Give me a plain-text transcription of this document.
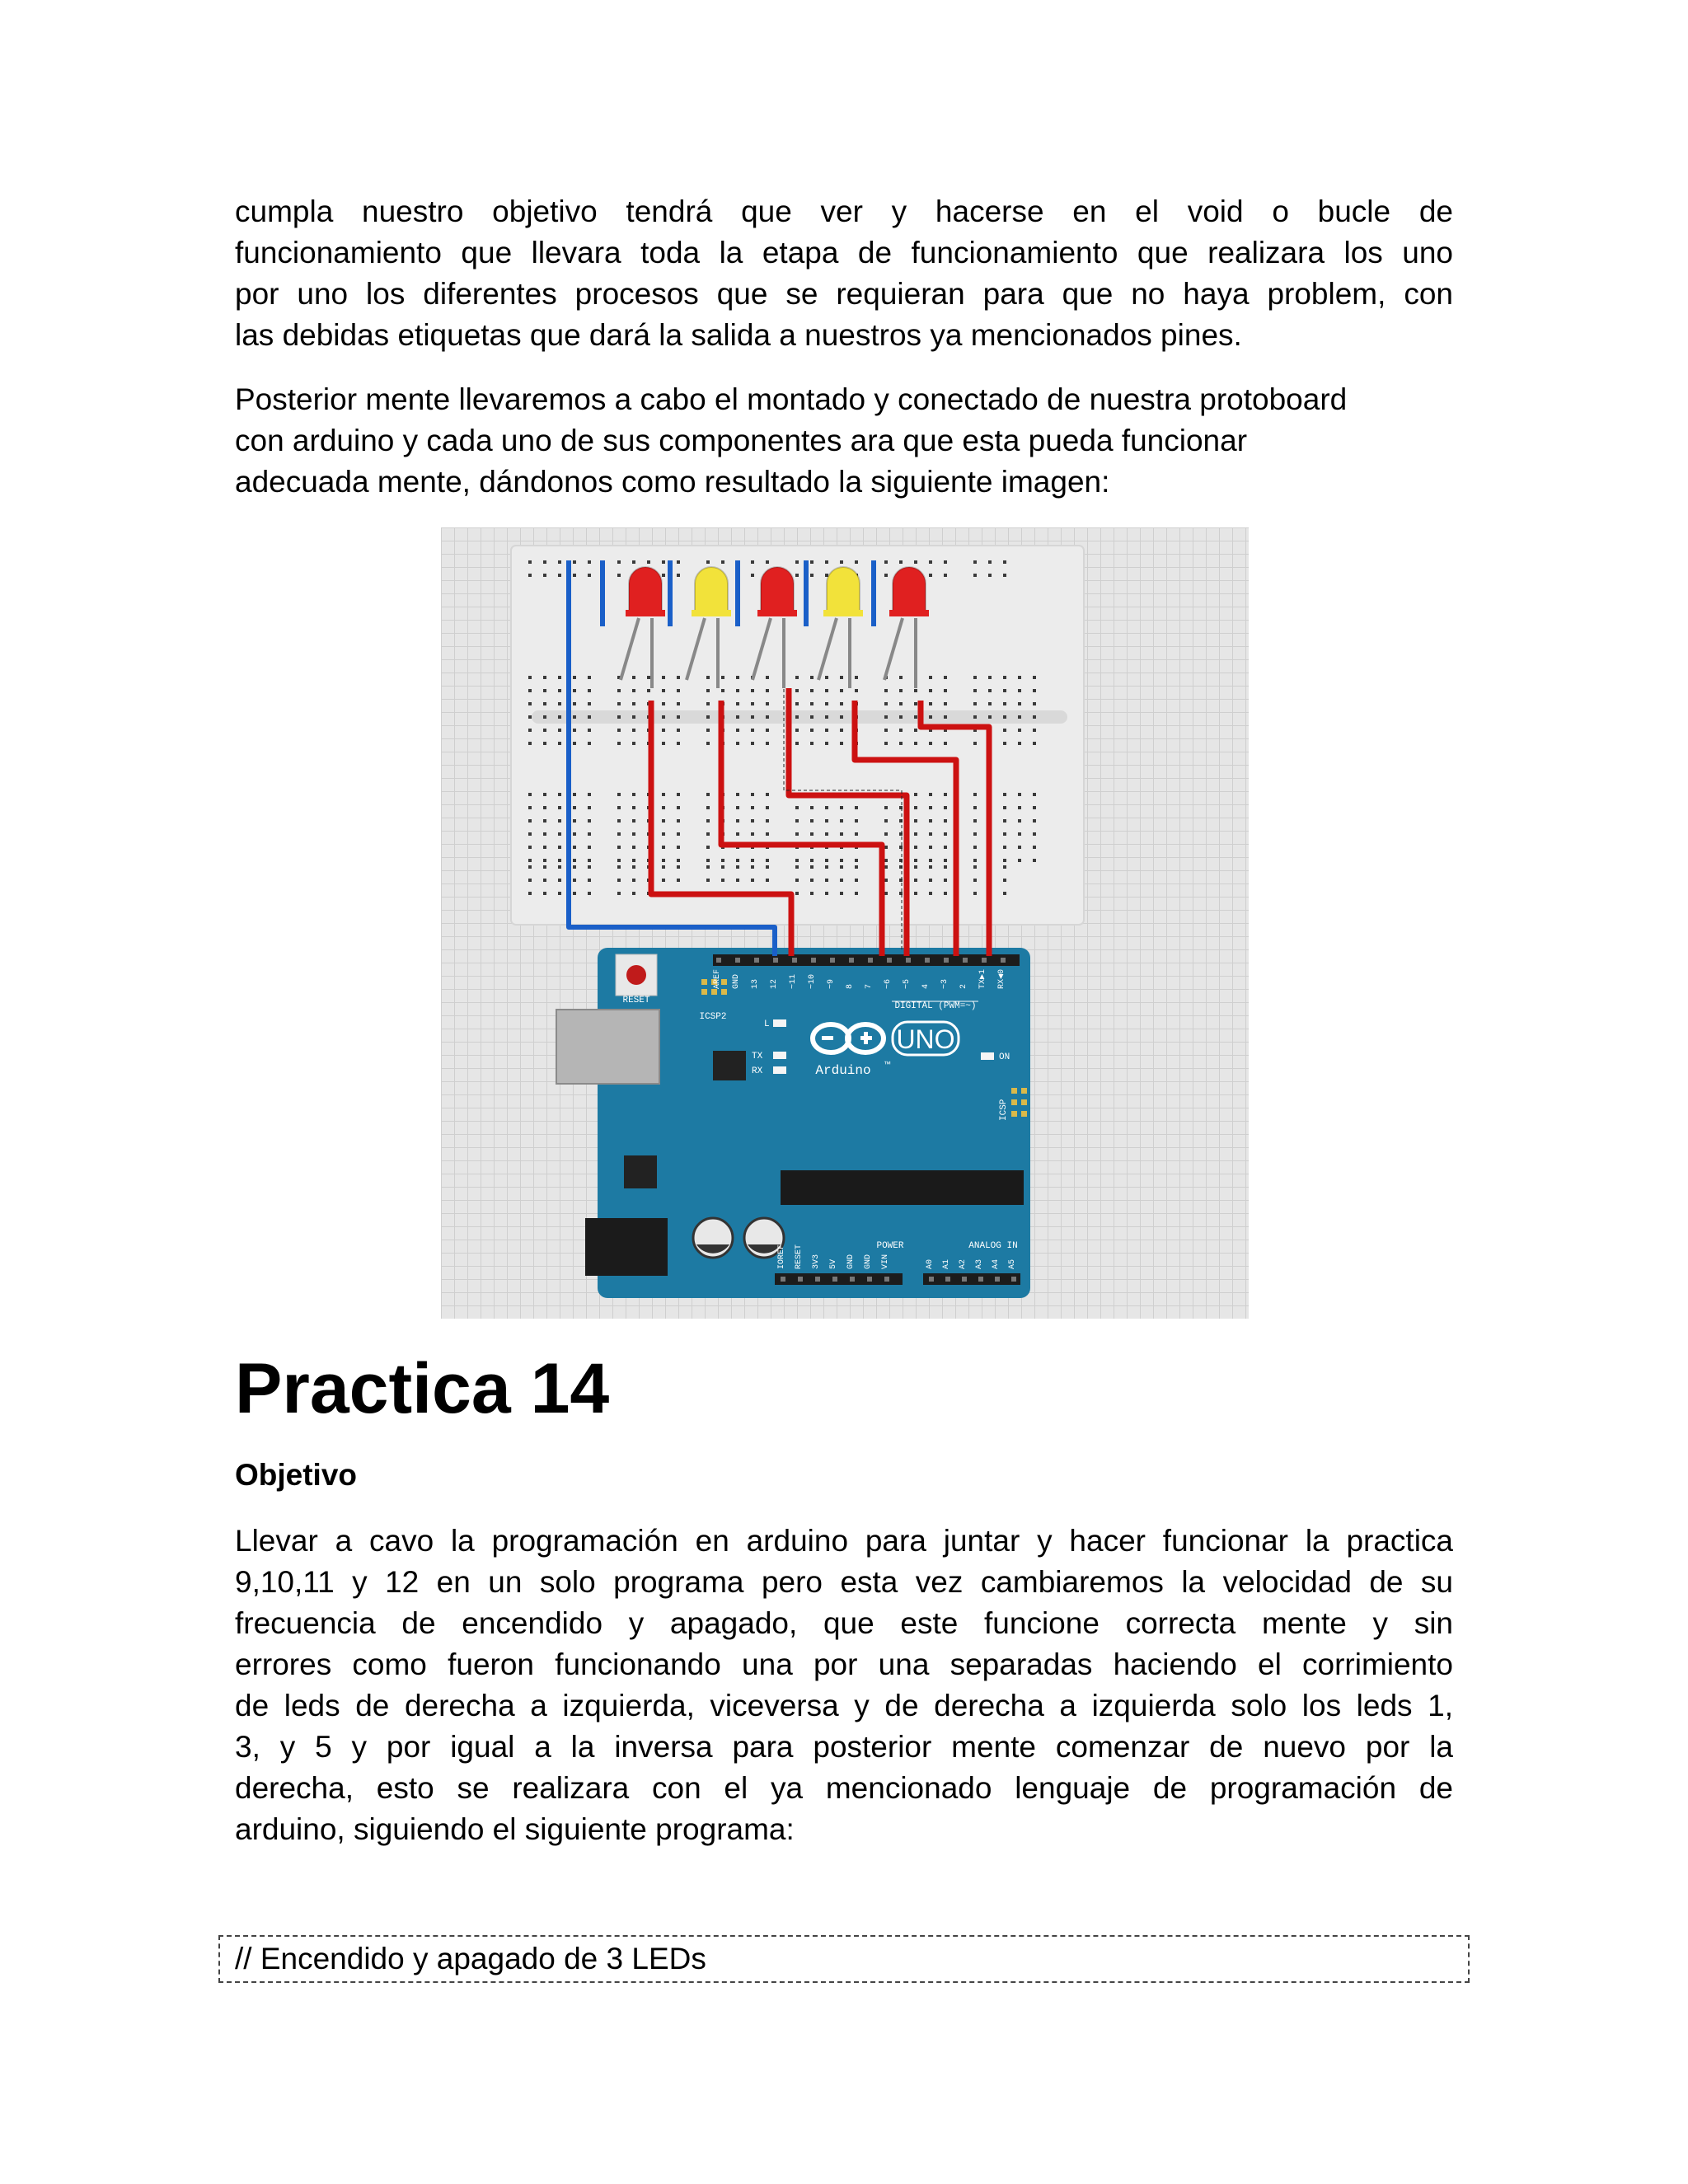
cumpla nuestro objetivo tendrá que ver y hacerse en el void o bucle de
funcionamiento que llevara toda la etapa de funcionamiento que realizara los uno
por uno los diferentes procesos que se requieran para que no haya problem, con
las debidas etiquetas que dará la salida a nuestros ya mencionados pines.
Posterior mente llevaremos a cabo el montado y conectado de nuestra protoboard
con arduino y cada uno de sus componentes ara que esta pueda funcionar
adecuada mente, dándonos como resultado la siguiente imagen:
RESET
ICSP2
AREF GND 13 12 ~11 ~10 ~9 8 7 ~6 ~5 4 ~3 2 TX▶1 RX◀0
IOREF RESET 3V3 5V GND GND VIN	A0 A1 A2 A3 A4 A5
DIGITAL (PWM=~)
POWER	ANALOG IN
UNO
Arduino ™
L
TX
RX
ON
ICSP
Practica 14
Objetivo
Llevar a cavo la programación en arduino para juntar y hacer funcionar la practica
9,10,11 y 12 en un solo programa pero esta vez cambiaremos la velocidad de su
frecuencia de encendido y apagado, que este funcione correcta mente y sin
errores como fueron funcionando una por una separadas haciendo el corrimiento
de leds de derecha a izquierda, viceversa y de derecha a izquierda solo los leds 1,
3, y 5 y por igual a la inversa para posterior mente comenzar de nuevo por la
derecha, esto se realizara con el ya mencionado lenguaje de programación de
arduino, siguiendo el siguiente programa:
// Encendido y apagado de 3 LEDs
